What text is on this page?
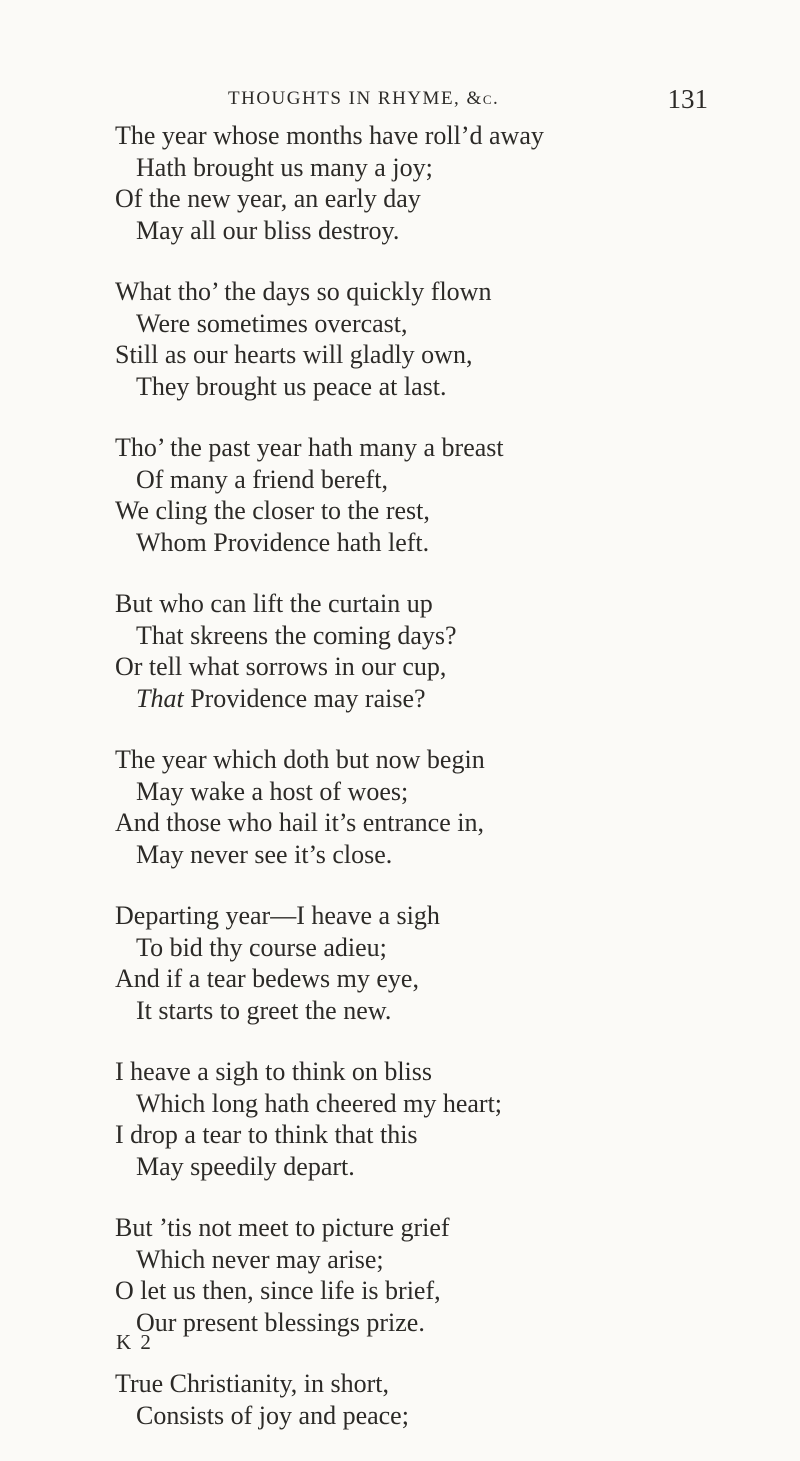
THOUGHTS IN RHYME, &c.	131
The year whose months have roll’d away
Hath brought us many a joy;
Of the new year, an early day
May all our bliss destroy.
What tho’ the days so quickly flown
Were sometimes overcast,
Still as our hearts will gladly own,
They brought us peace at last.
Tho’ the past year hath many a breast
Of many a friend bereft,
We cling the closer to the rest,
Whom Providence hath left.
But who can lift the curtain up
That skreens the coming days?
Or tell what sorrows in our cup,
That Providence may raise?
The year which doth but now begin
May wake a host of woes;
And those who hail it’s entrance in,
May never see it’s close.
Departing year—I heave a sigh
To bid thy course adieu;
And if a tear bedews my eye,
It starts to greet the new.
I heave a sigh to think on bliss
Which long hath cheered my heart;
I drop a tear to think that this
May speedily depart.
But ’tis not meet to picture grief
Which never may arise;
O let us then, since life is brief,
Our present blessings prize.
True Christianity, in short,
Consists of joy and peace;
K 2
